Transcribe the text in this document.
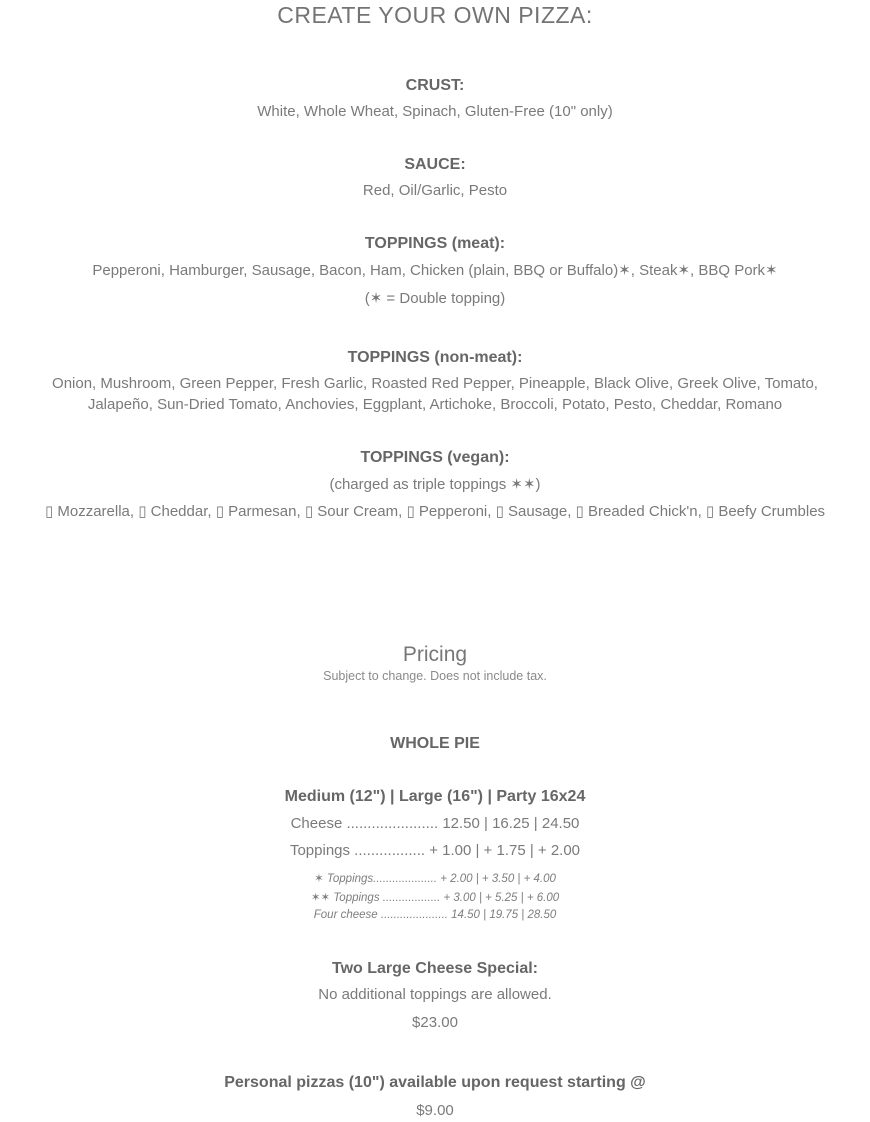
CREATE YOUR OWN PIZZA:
CRUST:
White, Whole Wheat, Spinach, Gluten-Free (10" only)
SAUCE:
Red, Oil/Garlic, Pesto
TOPPINGS (meat):
Pepperoni, Hamburger, Sausage, Bacon, Ham, Chicken (plain, BBQ or Buffalo)✶, Steak✶, BBQ Pork✶
(✶ = Double topping)
TOPPINGS (non-meat):
Onion, Mushroom, Green Pepper, Fresh Garlic, Roasted Red Pepper, Pineapple, Black Olive, Greek Olive, Tomato,
Jalapeño, Sun-Dried Tomato, Anchovies, Eggplant, Artichoke, Broccoli, Potato, Pesto, Cheddar, Romano
TOPPINGS (vegan):
(charged as triple toppings ✶✶)
▯ Mozzarella, ▯ Cheddar, ▯ Parmesan, ▯ Sour Cream, ▯ Pepperoni, ▯ Sausage, ▯ Breaded Chick'n, ▯ Beefy Crumbles
Pricing
Subject to change. Does not include tax.
WHOLE PIE
Medium (12") | Large (16") | Party 16x24
Cheese ...................... 12.50 | 16.25 | 24.50
Toppings ................. + 1.00 | + 1.75 | + 2.00
✶ Toppings.................... + 2.00 | + 3.50 | + 4.00
✶✶ Toppings .................. + 3.00 | + 5.25 | + 6.00
Four cheese ..................... 14.50 | 19.75 | 28.50
Two Large Cheese Special:
No additional toppings are allowed.
$23.00
Personal pizzas (10") available upon request starting @
$9.00
